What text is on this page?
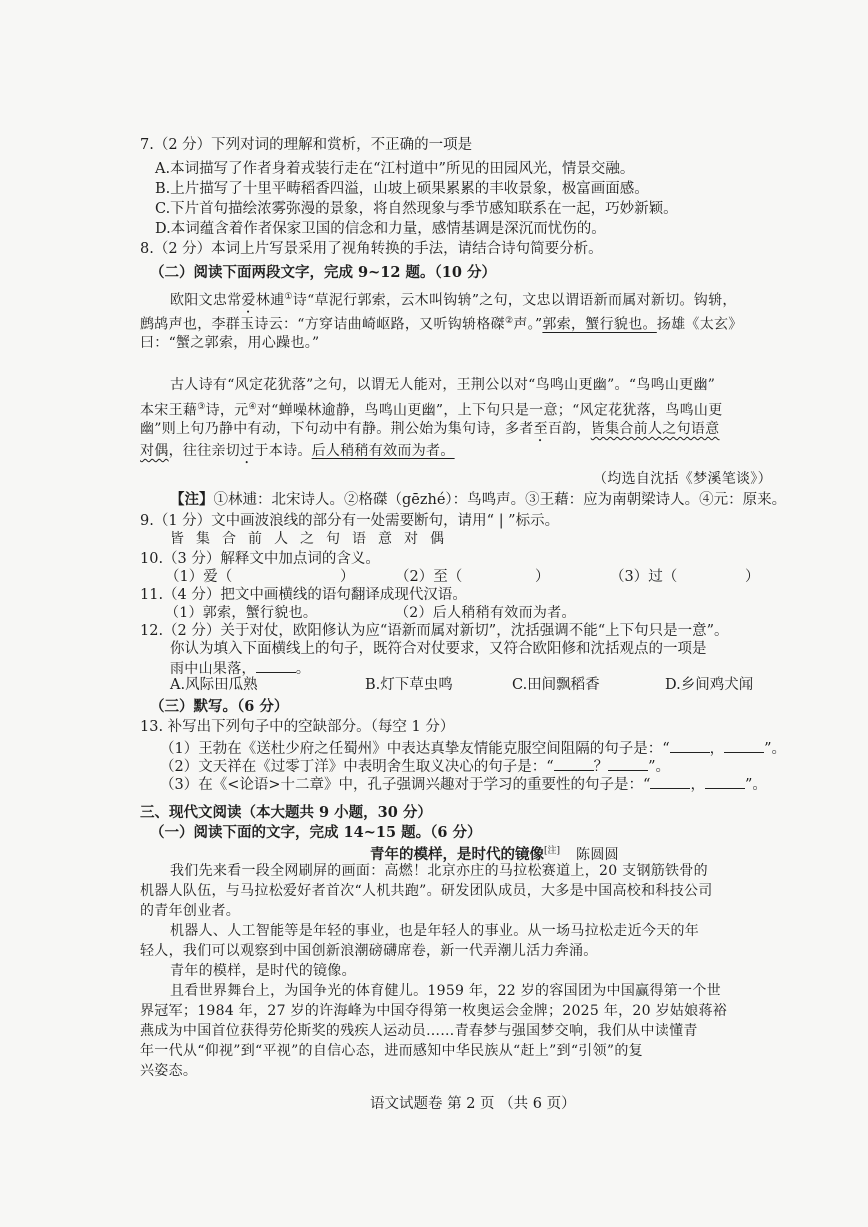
7.（2 分）下列对词的理解和赏析，不正确的一项是
A.本词描写了作者身着戎装行走在“江村道中”所见的田园风光，情景交融。
B.上片描写了十里平畴稻香四溢，山坡上硕果累累的丰收景象，极富画面感。
C.下片首句描绘浓雾弥漫的景象，将自然现象与季节感知联系在一起，巧妙新颖。
D.本词蕴含着作者保家卫国的信念和力量，感情基调是深沉而忧伤的。
8.（2 分）本词上片写景采用了视角转换的手法，请结合诗句简要分析。
（二）阅读下面两段文字，完成 9~12 题。（10 分）
欧阳文忠常爱林逋①诗“草泥行郭索，云木叫钩辀”之句，文忠以谓语新而属对新切。钩辀，
鹧鸪声也，李群玉诗云：“方穿诘曲崎岖路，又听钩辀格磔②声。”郭索，蟹行貌也。扬雄《太玄》
曰：“蟹之郭索，用心躁也。”
古人诗有“风定花犹落”之句，以谓无人能对，王荆公以对“鸟鸣山更幽”。“鸟鸣山更幽”
本宋王藉③诗，元④对“蝉噪林逾静，鸟鸣山更幽”，上下句只是一意；“风定花犹落，鸟鸣山更
幽”则上句乃静中有动，下句动中有静。荆公始为集句诗，多者至百韵，皆集合前人之句语意
对偶，往往亲切过于本诗。后人稍稍有效而为者。
（均选自沈括《梦溪笔谈》）
【注】①林逋：北宋诗人。②格磔（gēzhé）：鸟鸣声。③王藉：应为南朝梁诗人。④元：原来。
9.（1 分）文中画波浪线的部分有一处需要断句，请用“ | ”标示。
皆集合前人之句语意对偶
10.（3 分）解释文中加点词的含义。
（1）爱（	）	（2）至（	）	（3）过（	）
11.（4 分）把文中画横线的语句翻译成现代汉语。
（1）郭索，蟹行貌也。	（2）后人稍稍有效而为者。
12.（2 分）关于对仗，欧阳修认为应“语新而属对新切”，沈括强调不能“上下句只是一意”。
你认为填入下面横线上的句子，既符合对仗要求，又符合欧阳修和沈括观点的一项是
雨中山果落，	。
A.风际田瓜熟	B.灯下草虫鸣	C.田间飘稻香	D.乡间鸡犬闻
（三）默写。（6 分）
13. 补写出下列句子中的空缺部分。（每空 1 分）
（1）王勃在《送杜少府之任蜀州》中表达真挚友情能克服空间阻隔的句子是：“	，	”。
（2）文天祥在《过零丁洋》中表明舍生取义决心的句子是：“	？	”。
（3）在《<论语>十二章》中，孔子强调兴趣对于学习的重要性的句子是：“	，	”。
三、现代文阅读（本大题共 9 小题，30 分）
（一）阅读下面的文字，完成 14~15 题。（6 分）
青年的模样，是时代的镜像[注] 陈圆圆
我们先来看一段全网刷屏的画面：高燃！北京亦庄的马拉松赛道上，20 支钢筋铁骨的
机器人队伍，与马拉松爱好者首次“人机共跑”。研发团队成员，大多是中国高校和科技公司
的青年创业者。
机器人、人工智能等是年轻的事业，也是年轻人的事业。从一场马拉松走近今天的年
轻人，我们可以观察到中国创新浪潮磅礴席卷，新一代弄潮儿活力奔涌。
青年的模样，是时代的镜像。
且看世界舞台上，为国争光的体育健儿。1959 年，22 岁的容国团为中国赢得第一个世
界冠军；1984 年，27 岁的许海峰为中国夺得第一枚奥运会金牌；2025 年，20 岁姑娘蒋裕
燕成为中国首位获得劳伦斯奖的残疾人运动员……青春梦与强国梦交响，我们从中读懂青
年一代从“仰视”到“平视”的自信心态，进而感知中华民族从“赶上”到“引领”的复
兴姿态。
语文试题卷 第 2 页 （共 6 页）
